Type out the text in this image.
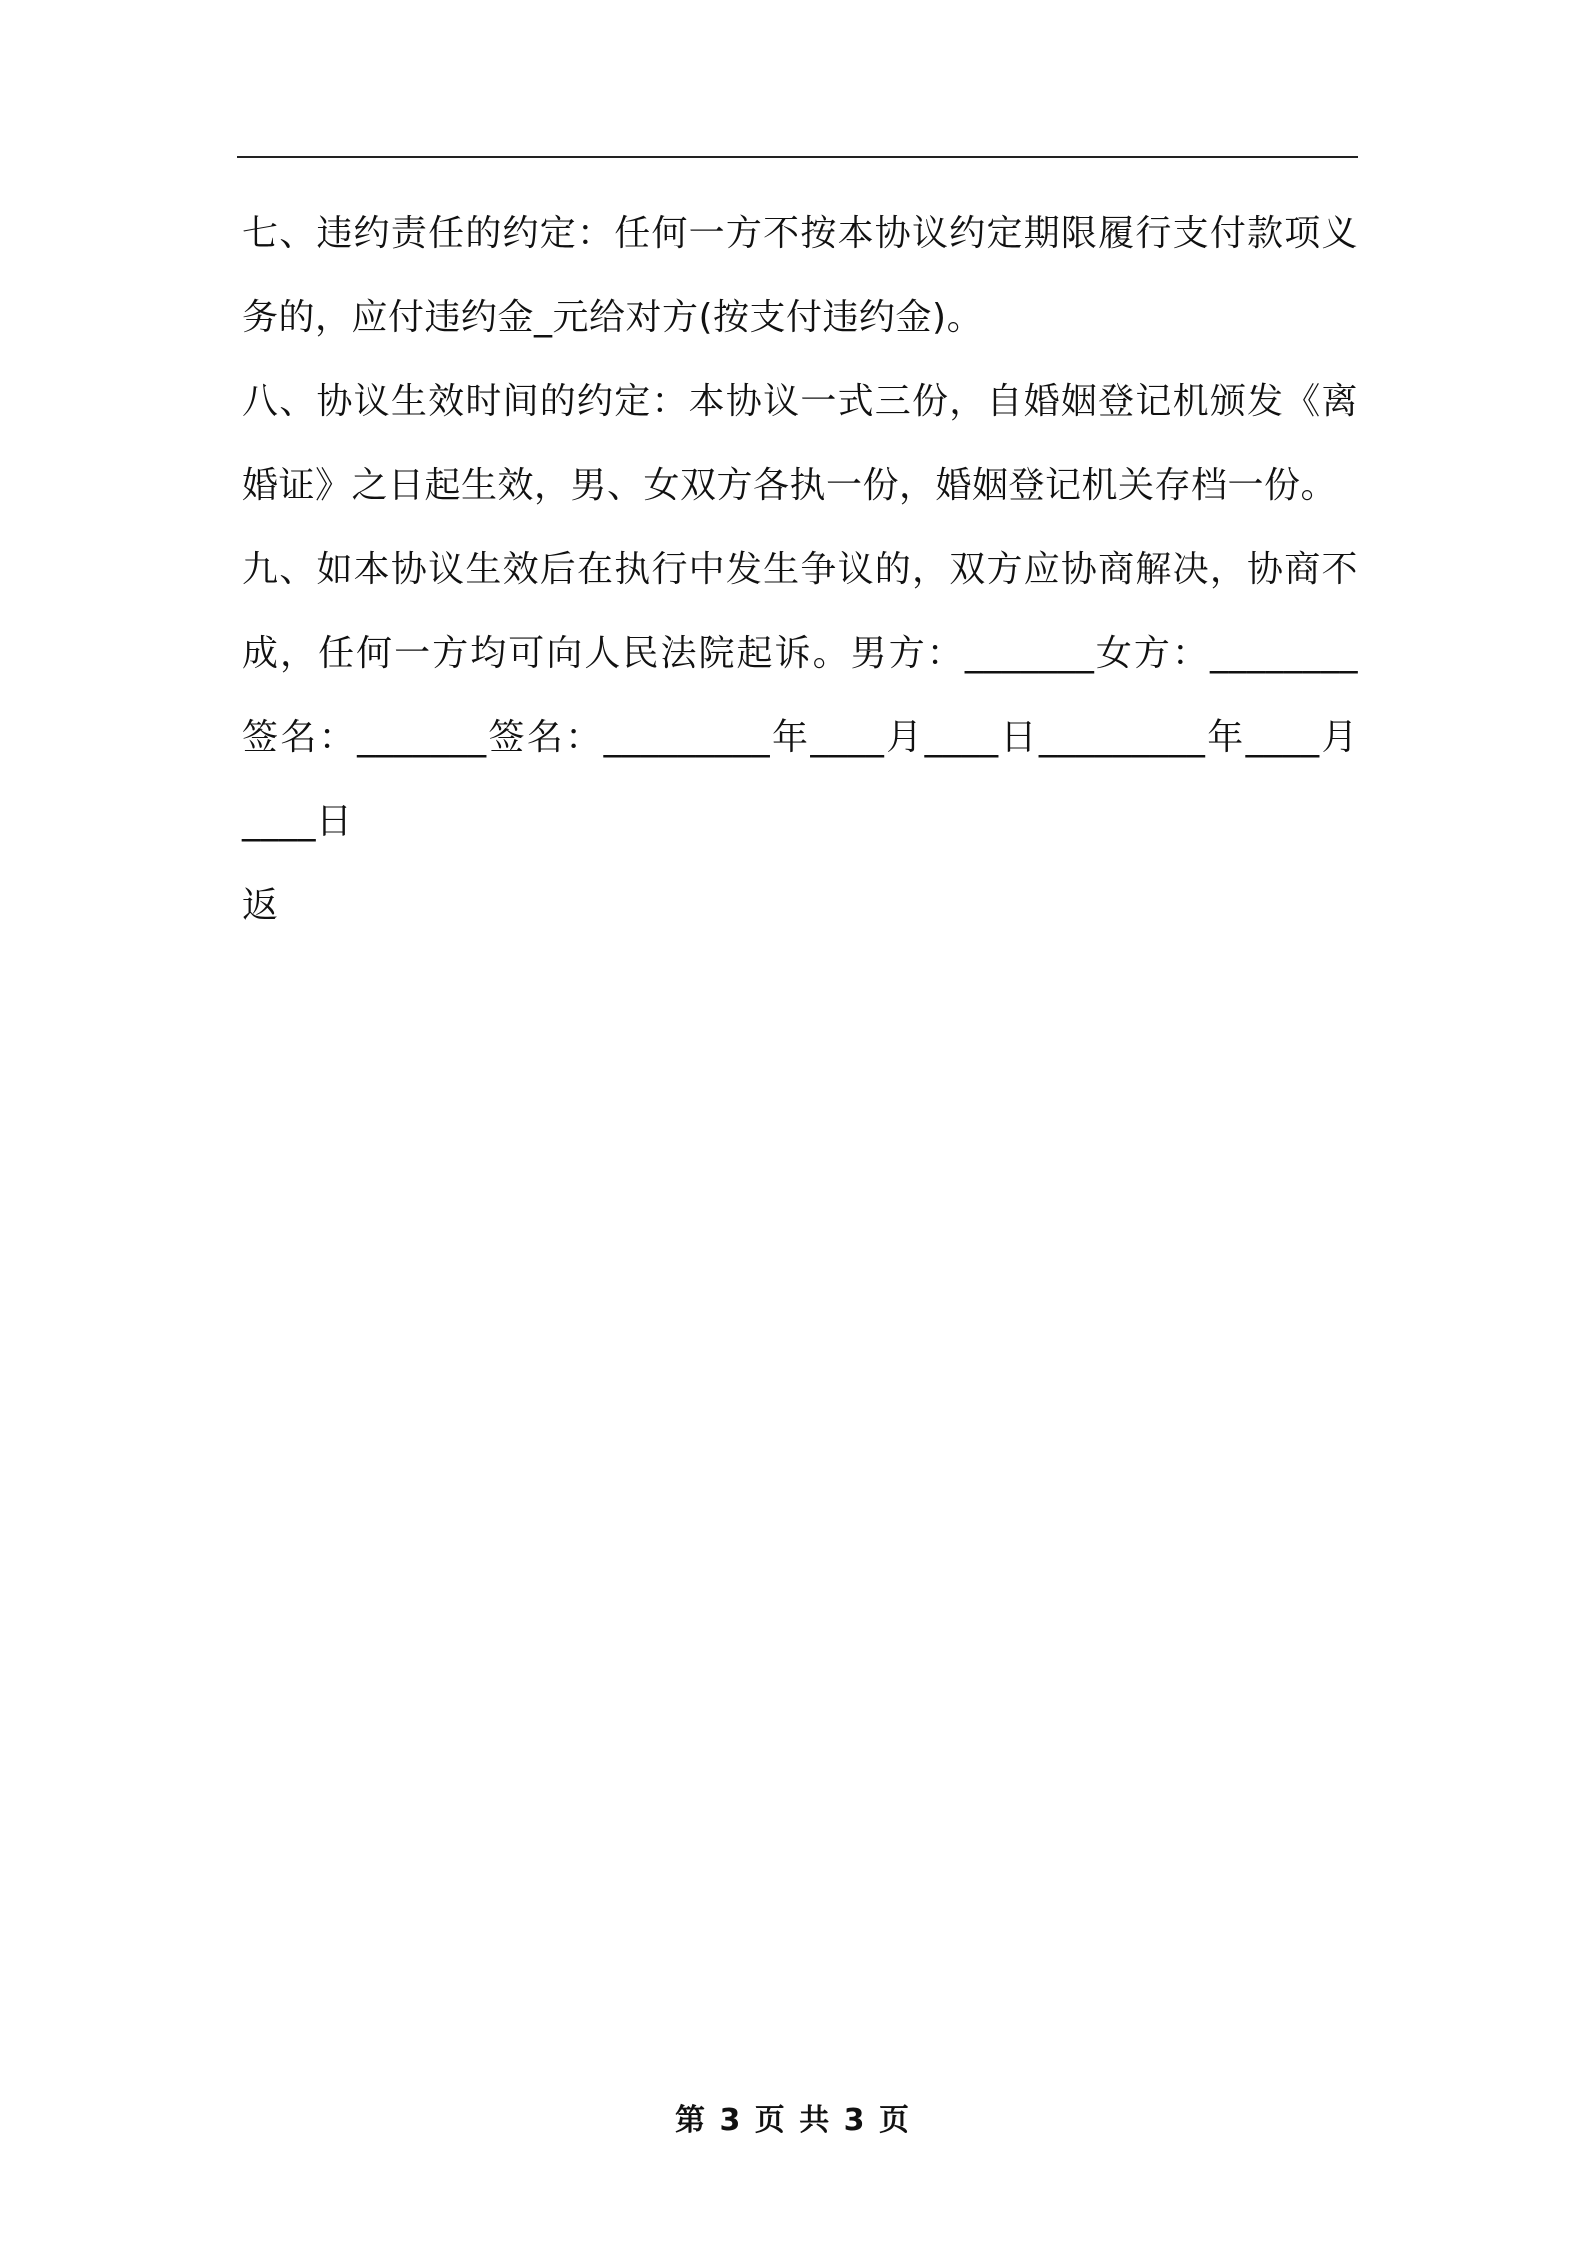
七、违约责任的约定：任何一方不按本协议约定期限履行支付款项义务的，应付违约金_元给对方(按支付违约金)。

八、协议生效时间的约定：本协议一式三份，自婚姻登记机颁发《离婚证》之日起生效，男、女双方各执一份，婚姻登记机关存档一份。

九、如本协议生效后在执行中发生争议的，双方应协商解决，协商不成，任何一方均可向人民法院起诉。男方：_______女方：________签名：_______签名：_________年____月____日_________年____月____日

返

第 3 页 共 3 页
